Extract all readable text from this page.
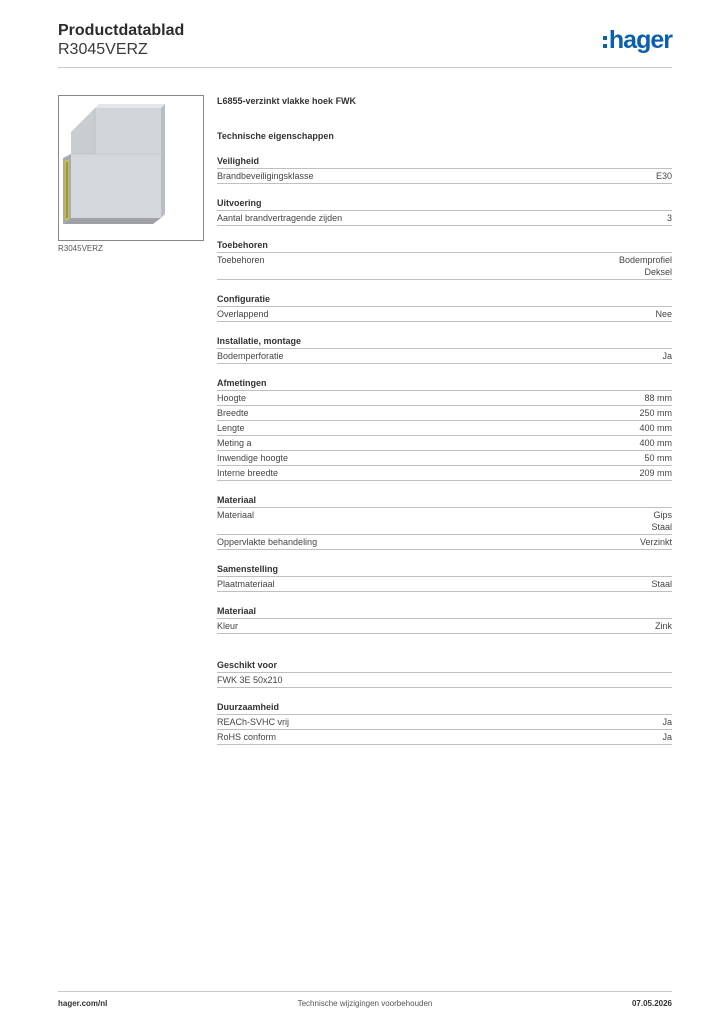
Productdatablad
R3045VERZ	hager
R3045VERZ
L6855-verzinkt vlakke hoek FWK
Technische eigenschappen
Veiligheid
Brandbeveiligingsklasse	E30
Uitvoering
Aantal brandvertragende zijden	3
Toebehoren
Toebehoren	Bodemprofiel
Deksel
Configuratie
Overlappend	Nee
Installatie, montage
Bodemperforatie	Ja
Afmetingen
Hoogte	88 mm
Breedte	250 mm
Lengte	400 mm
Meting a	400 mm
Inwendige hoogte	50 mm
Interne breedte	209 mm
Materiaal
Materiaal	Gips
Staal
Oppervlakte behandeling	Verzinkt
Samenstelling
Plaatmateriaal	Staal
Materiaal
Kleur	Zink
Geschikt voor
FWK 3E 50x210
Duurzaamheid
REACh-SVHC vrij	Ja
RoHS conform	Ja
hager.com/nl	Technische wijzigingen voorbehouden	07.05.2026
